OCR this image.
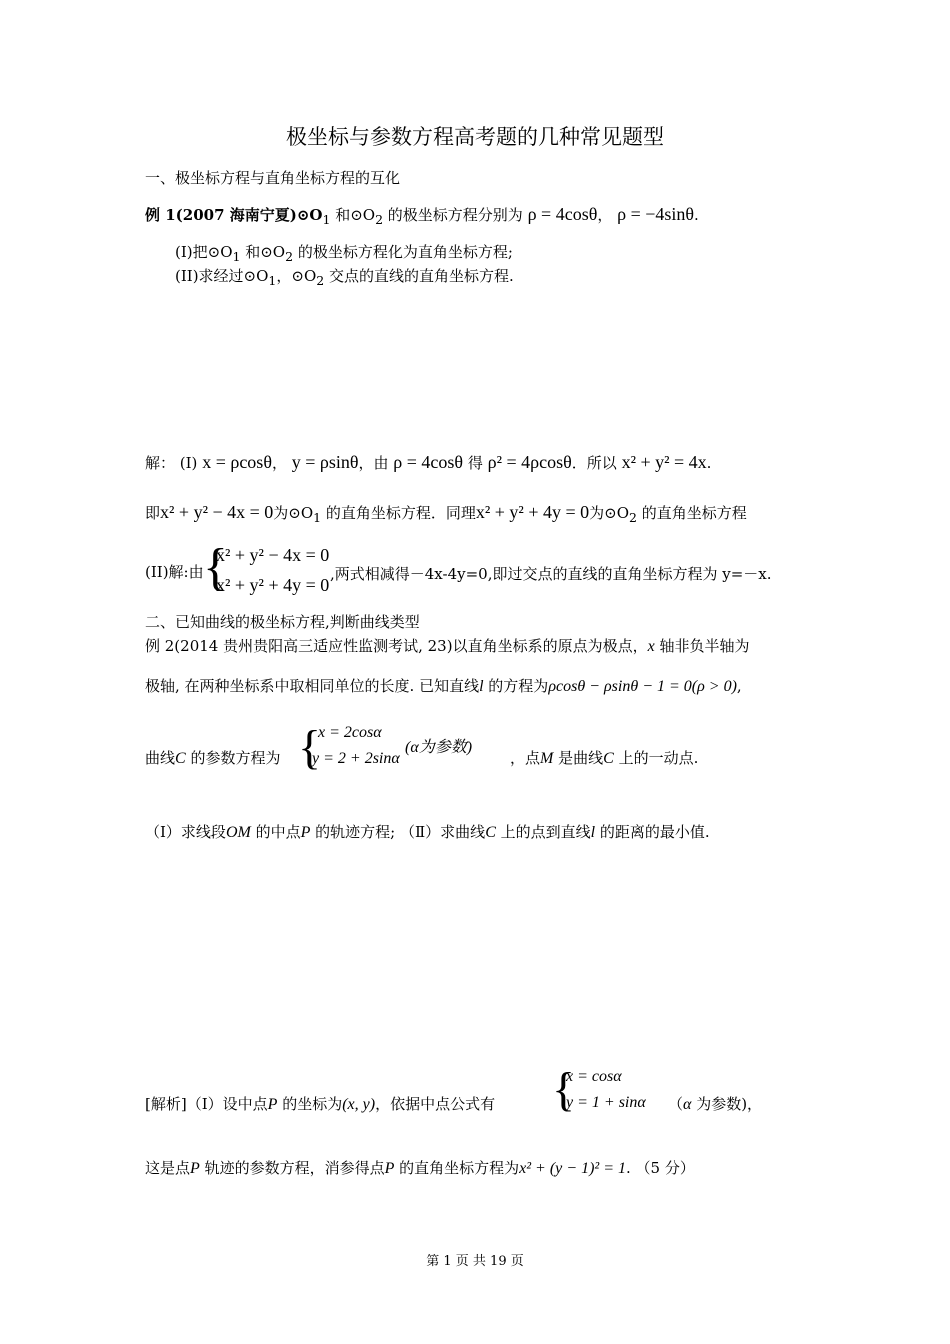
极坐标与参数方程高考题的几种常见题型
一、极坐标方程与直角坐标方程的互化
例 1(2007 海南宁夏)$⊙O_1$ 和$⊙O_2$ 的极坐标方程分别为 ρ = 4cosθ， ρ = −4sinθ.
(I)把$⊙O_1$ 和$⊙O_2$ 的极坐标方程化为直角坐标方程;
(II)求经过$⊙O_1$，$⊙O_2$ 交点的直线的直角坐标方程.
解： (I) x = ρcosθ， y = ρsinθ，由 ρ = 4cosθ 得 ρ² = 4ρcosθ．所以 x² + y² = 4x.
即x² + y² − 4x = 0为$⊙O_1$ 的直角坐标方程．同理x² + y² + 4y = 0为$⊙O_2$ 的直角坐标方程
(II)解:由 {
x² + y² − 4x = 0
x² + y² + 4y = 0
,两式相减得－4x-4y=0,即过交点的直线的直角坐标方程为 y=－x.
二、已知曲线的极坐标方程,判断曲线类型
例 2(2014 贵州贵阳高三适应性监测考试, 23)以直角坐标系的原点为极点，x 轴非负半轴为
极轴, 在两种坐标系中取相同单位的长度. 已知直线l 的方程为ρcosθ − ρsinθ − 1 = 0(ρ > 0),
曲线C 的参数方程为 {
x = 2cosα
y = 2 + 2sinα
(α为参数)
，点M 是曲线C 上的一动点.
（Ⅰ）求线段OM 的中点P 的轨迹方程; （Ⅱ）求曲线C 上的点到直线l 的距离的最小值.
[解析]（Ⅰ）设中点P 的坐标为(x, y)，依据中点公式有 {
x = cosα
y = 1 + sinα （α 为参数)，
这是点P 轨迹的参数方程，消参得点P 的直角坐标方程为x² + (y − 1)² = 1. （5 分）
第 1 页 共 19 页
